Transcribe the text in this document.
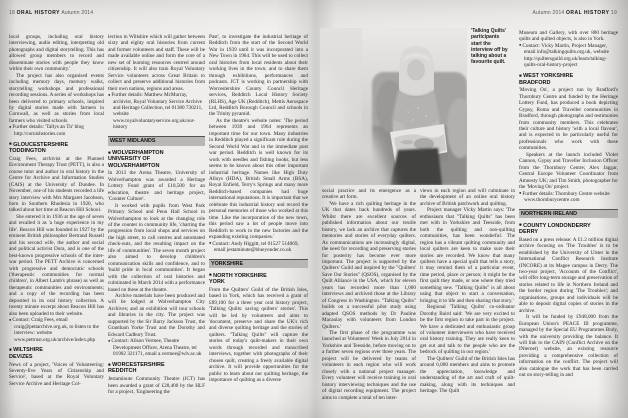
18 ORAL HISTORY Autumn 2014	Autumn 2014 ORAL HISTORY 19

local groups, including oral history interviewing, audio editing, interpreting old photographs and digital storytelling. This has allowed group members to record and disseminate stories with people they know within their own community.'

The project has also organised events including memory days, memory walks, storytelling workshops and professional recording sessions. A series of workshops has been delivered to primary schools, inspired by digital stories made with farmers in Cornwall, as well as stories from local farmers who visited schools.

● Further details: 'Tallys an Tir' blog http://cornishstories.com
■ GLOUCESTERSHIRE
TODDINGTON

Craig Fees, archivist at the Planned Environment Therapy Trust (PETT), is also a course tutor and author in oral history in the Centre for Archive and Information Studies (CAIS) at the University of Dundee. In November, one of his students recorded a life story interview with Mrs Margaret Jacobson, born in Southern Rhodesia in 1920, who talked about her time at Beacon Hill School.

She entered it in 1936 at the age of seven and recalled it as 'a huge experience in my life'. Beacon Hill was founded in 1927 by the eminent British philosopher Bertrand Russell and his second wife, the author and social and political activist Dora, and is one of the best-known progressive schools of the inter-war period. The PETT Archive is concerned with progressive and democratic schools ('therapeutic communities for normal children', in Albert Lamb's phrase) as well as therapeutic communities and environments; and a copy of the recording has been deposited in its oral history collection. A twenty minute excerpt about Beacon Hill has also been uploaded to their website.

● Contact: Craig Fees, email craig@pettarchive.org.uk, to listen to the interview: website www.pettrust.org.uk/archive/index.php
■ WILTSHIRE
DEVIZES

News of a project, 'Voices of Volunteering: Seventy-five Years of Citizenship and Service', based at the Royal Voluntary Service Archive and Heritage Col-

lection in Wiltshire which will gather between sixty and eighty oral histories from current and former volunteers and staff. These will be made available online and form the core of a new set of learning resources centred around citizenship. It will also train Royal Voluntary Service volunteers across Great Britain to collect and preserve additional histories from their own nations, regions and areas.

● Further details: Matthew McMurray, archivist, Royal Voluntary Service Archive and Heritage Collection, tel 01380 730211, website www.royalvoluntaryservice.org.uk/our-history
WEST MIDLANDS
■ WOLVERHAMPTON
UNIVERSITY OF
WOLVERHAMPTON

In 2013 the Arena Theatre, University of Wolverhampton was awarded a Heritage Lottery Fund grant of £18,500 for an education, theatre and heritage project, 'Counter Culture'.

It worked with pupils from West Park Primary School and Penn Hall School in Wolverhampton to look at the changing role of the counter in community life, 'charting the progression from local shops and services on the high street, to call centres and automated check-outs, and the resulting impact on the life of communities'. The seven month project also aimed to develop children's communication skills and confidence, and to 'build pride in local communities'. It began with the collection of oral histories and culminated in March 2014 with a performance based on these at the theatre.

Archive materials have been produced and will be lodged at Wolverhampton City Archives; and an exhibition will tour schools and libraries in the city. The project was supported by the Sir Barry Jackson Trust, the Grantham Yorke Trust and the Dorothy and Edward Cadbury Trust.

● Contact: Alison Vermee, Theatre Development Officer, Arena Theatre, tel 01902 321171, email a.vermee@wlv.ac.uk
■ WORCESTERSHIRE
REDDITCH

Jestaminute Community Theatre (JCT) has been awarded a grant of £28,400 by the HLF for a project, 'Engineering the

Past', to investigate the industrial heritage of Redditch from the start of the Second World War in 1939 until it was incorporated into a New Town in 1964. This will be used to collect oral histories from local residents about their working lives in the town; and to share them through exhibitions, performances and podcasts. JCT is working in partnership with Worcestershire County Council Heritage services, Redditch Local History Society (RLHS), Age UK (Redditch), Mettis Aerospace Ltd, Redditch Borough Council and schools in the Trinity pyramid.

As the theatre's website notes: 'The period between 1939 and 1964 represents an important time for our town. Many industries in Redditch played a significant role during the Second World War and in the immediate post war period. Redditch is well known for its work with needles and fishing hooks, but less seems to be known about this other important industrial heritage. Names like High Duty Alloys (HDA), British Small Arms (BSA), Royal Enfield, Terry's Springs and many more Redditch-based companies had huge international reputations. It is important that we celebrate this industrial history and record the personal memories of those who worked at this time. Like the incorporation of the new town, this period saw a lot of people move into Redditch to work in the new factories and the expanding existing companies.'

● Contact: Andy Higgitt, tel 01527 514069, email jestaminute@blueyonder.co.uk
YORKSHIRE
■ NORTH YORKSHIRE
YORK

From the Quilters' Guild of the British Isles, based in York, which has received a grant of £89,100 for a three year oral history project, 'Talking Quilts: saving quilters' stories'. This will be led by volunteers and aims to 'document, preserve and share the UK's rich and diverse quilting heritage and the stories of quilters. "Talking Quilts" will capture the stories of today's quilt-makers in their own words through recorded and transcribed interviews, together with photographs of their chosen quilt, creating a freely available digital archive. It will provide opportunities for the public to learn about our quilting heritage, the importance of quilting as a diverse

'Talking Quilts' participants start the interview off by talking about a favourite quilt.

social practice and its emergence as a creative art form.

'We have a rich quilting heritage in the UK that dates back hundreds of years. Whilst there are excellent sources of published information about our textile history, we lack an archive that captures the memories and stories of everyday quilters. As communications are increasingly digital, the need for recording and preserving stories for posterity has become ever more important. The project is supported by the Quilters' Guild and inspired by the "Quilters' Save Our Stories" (QSOS), organised by the Quilt Alliance in the USA, which for eleven years has recorded more than 1,000 interviews and archived those at the Library of Congress in Washington. "Talking Quilts" builds on a successful pilot study using adapted QSOS methods by Dr Pauline Macaulay with volunteers from London Quilters.'

The first phase of the programme was launched at Volunteers' Week in July 2014 in Yorkshire and Teesside, before moving on to a further seven regions over three years. The project will be delivered by teams of volunteers in each region who will work closely with a national project manager. Every volunteer will receive training in oral history interviewing techniques and the use of digital recording equipment. The project aims to complete a total of ten inter-

views in each region and will culminate in the development of an online oral history archive of British patchwork and quilting.

Project manager Vicky Martin says: 'The enthusiasm that "Talking Quilts" has been met with in Yorkshire and Teesside, from both the quilting and non-quilting communities, has been wonderful. The region has a vibrant quilting community and local quilters are keen to make sure their stories are recorded. We know that many quilters have a special quilt that tells a story, it may remind them of a particular event, time period, place or person; it might be the first quilt they made, or one where they tried something new. "Talking Quilts" is all about using that object to start a conversation, bringing it to life and then sharing that story.'

Regional 'Talking Quilts' co-ordinator Dorothy Baird said: 'We are very excited to be the first region to take part in the project. We have a dedicated and enthusiastic group of volunteer interviewers who have received oral history training. They are really keen to get out and talk to the people who are the bedrock of quilting in our region.'

The Quilters' Guild of the British Isles has around 6,000 members and aims to promote the appreciation, knowledge and understanding of the art and craft of quilt-making, along with its techniques and heritage. The Quilt

Museum and Gallery, with over 800 heritage quilts and quilted objects, is also in York.

● Contact: Vicky Martin, Project Manager, email info@talkingquilts.org.uk, website http://quiltersguild.org.uk/learn/talking-quilts-oral-history-project
■ WEST YORKSHIRE
BRADFORD

'Moving On', a project run by Bradford's Thornbury Centre and funded by the Heritage Lottery Fund, has produced a book depicting Gypsy, Roma and Traveller communities in Bradford, through photographs and testimonies from community members. This celebrates their culture and history 'with a local flavour', and is expected to be particularly useful for professionals who work with these communities.

Speakers at the launch included Violet Cannon, Gypsy and Traveller Inclusion Officer from the Thornbury Centre; Alex Jaggar, Central Europe Volunteer Coordinator from Amnesty UK; and Tim Smith, photographer for the 'Moving On' project.

● Further details: Thornbury Centre website www.thornburycentre.com
NORTHERN IRELAND
■ COUNTY LONDONDERRY
DERRY

Based on a press release: A £1.2 million digital archive focusing on 'The Troubles' is to be established by the University of Ulster in the International Conflict Research Institute (INCORE) at its Magee campus in Derry. The two-year project, 'Accounts of the Conflict', will offer long-term storage and preservation of stories related to life in Northern Ireland and the border region during 'The Troubles'; and organisations, groups and individuals will be able to deposit digital copies of stories in the archive.

It will be funded by £948,000 from the European Union's PEACE III programme, managed by the Special EU Programmes Body, with the university providing the balance. It will link to the CAIN (Conflict Archive on the INternet) website, an existing resource providing a comprehensive collection of information on the conflict. The project will also catalogue the work that has been carried out on story-telling in and
